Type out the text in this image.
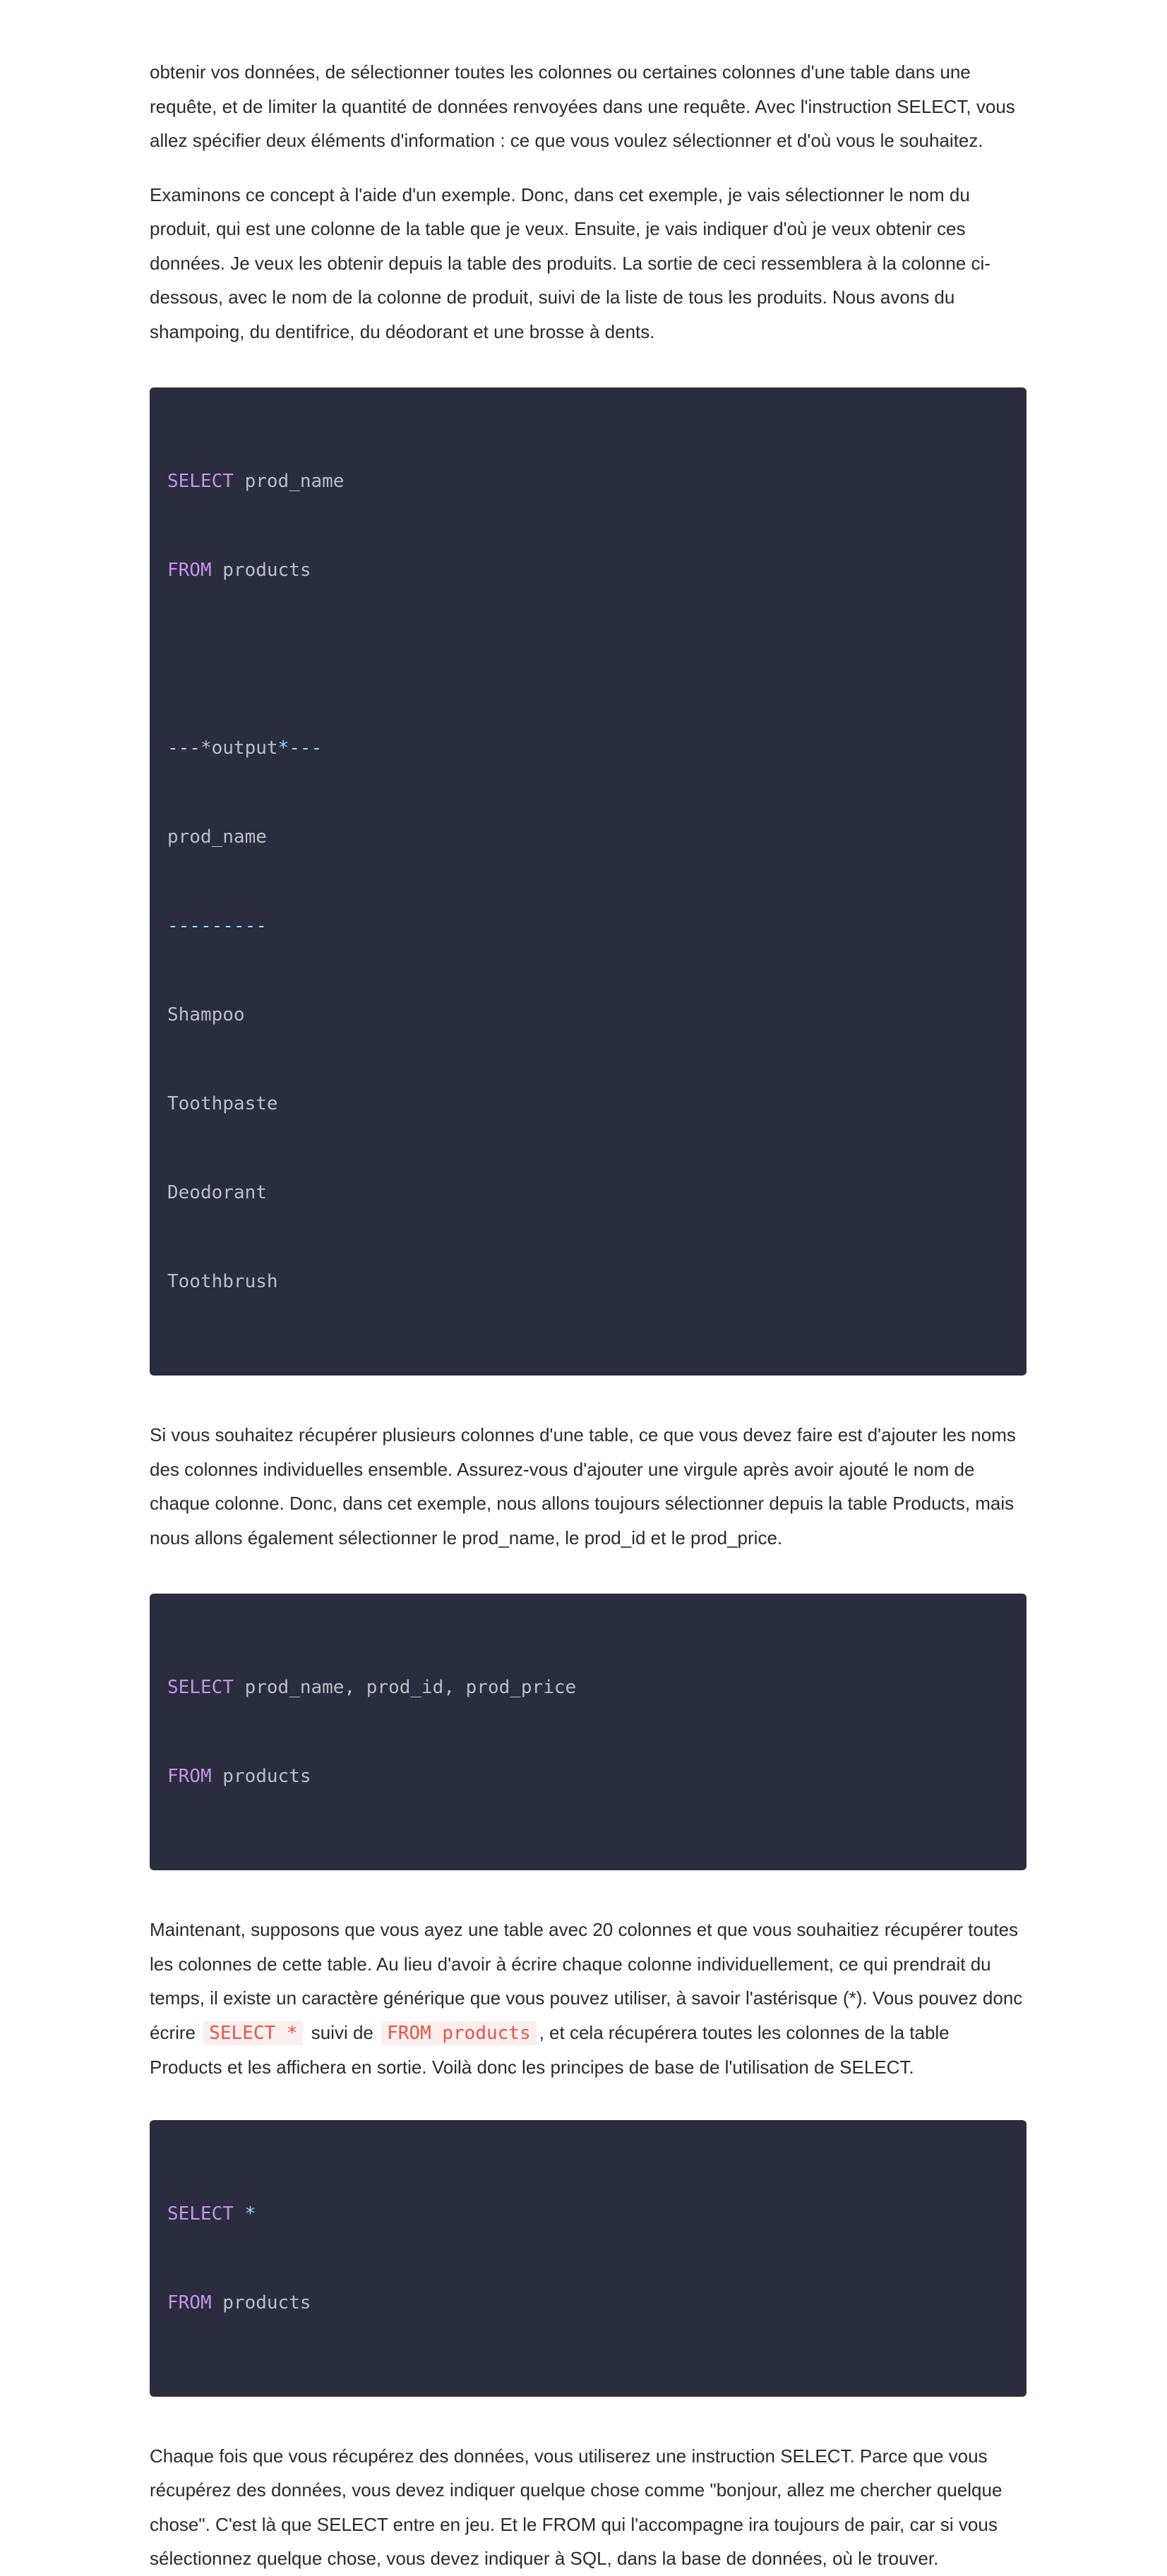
obtenir vos données, de sélectionner toutes les colonnes ou certaines colonnes d'une table dans une requête, et de limiter la quantité de données renvoyées dans une requête. Avec l'instruction SELECT, vous allez spécifier deux éléments d'information : ce que vous voulez sélectionner et d'où vous le souhaitez.

Examinons ce concept à l'aide d'un exemple. Donc, dans cet exemple, je vais sélectionner le nom du produit, qui est une colonne de la table que je veux. Ensuite, je vais indiquer d'où je veux obtenir ces données. Je veux les obtenir depuis la table des produits. La sortie de ceci ressemblera à la colonne ci-dessous, avec le nom de la colonne de produit, suivi de la liste de tous les produits. Nous avons du shampoing, du dentifrice, du déodorant et une brosse à dents.

SELECT prod_name

FROM products

---*output*---

prod_name

---------

Shampoo

Toothpaste

Deodorant

Toothbrush

Si vous souhaitez récupérer plusieurs colonnes d'une table, ce que vous devez faire est d'ajouter les noms des colonnes individuelles ensemble. Assurez-vous d'ajouter une virgule après avoir ajouté le nom de chaque colonne. Donc, dans cet exemple, nous allons toujours sélectionner depuis la table Products, mais nous allons également sélectionner le prod_name, le prod_id et le prod_price.

SELECT prod_name, prod_id, prod_price

FROM products

Maintenant, supposons que vous ayez une table avec 20 colonnes et que vous souhaitiez récupérer toutes les colonnes de cette table. Au lieu d'avoir à écrire chaque colonne individuellement, ce qui prendrait du temps, il existe un caractère générique que vous pouvez utiliser, à savoir l'astérisque (*). Vous pouvez donc écrire SELECT * suivi de FROM products , et cela récupérera toutes les colonnes de la table Products et les affichera en sortie. Voilà donc les principes de base de l'utilisation de SELECT.

SELECT *

FROM products

Chaque fois que vous récupérez des données, vous utiliserez une instruction SELECT. Parce que vous récupérez des données, vous devez indiquer quelque chose comme "bonjour, allez me chercher quelque chose". C'est là que SELECT entre en jeu. Et le FROM qui l'accompagne ira toujours de pair, car si vous sélectionnez quelque chose, vous devez indiquer à SQL, dans la base de données, où le trouver.
